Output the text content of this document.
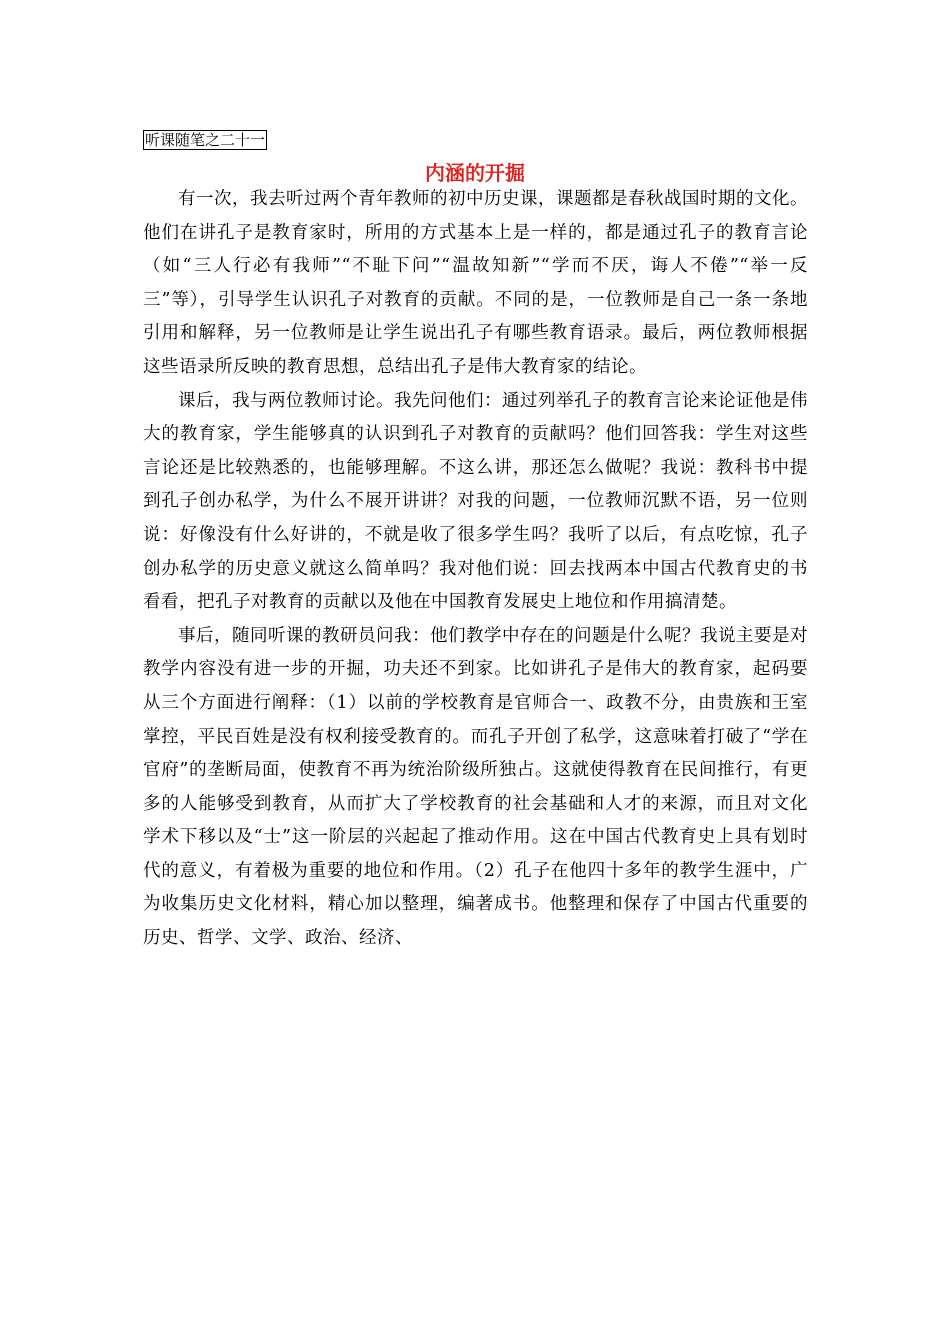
听课随笔之二十一
内涵的开掘

有一次，我去听过两个青年教师的初中历史课，课题都是春秋战国时期的文化。他们在讲孔子是教育家时，所用的方式基本上是一样的，都是通过孔子的教育言论（如“三人行必有我师”“不耻下问”“温故知新”“学而不厌，诲人不倦”“举一反三”等），引导学生认识孔子对教育的贡献。不同的是，一位教师是自己一条一条地引用和解释，另一位教师是让学生说出孔子有哪些教育语录。最后，两位教师根据这些语录所反映的教育思想，总结出孔子是伟大教育家的结论。

课后，我与两位教师讨论。我先问他们：通过列举孔子的教育言论来论证他是伟大的教育家，学生能够真的认识到孔子对教育的贡献吗？他们回答我：学生对这些言论还是比较熟悉的，也能够理解。不这么讲，那还怎么做呢？我说：教科书中提到孔子创办私学，为什么不展开讲讲？对我的问题，一位教师沉默不语，另一位则说：好像没有什么好讲的，不就是收了很多学生吗？我听了以后，有点吃惊，孔子创办私学的历史意义就这么简单吗？我对他们说：回去找两本中国古代教育史的书看看，把孔子对教育的贡献以及他在中国教育发展史上地位和作用搞清楚。

事后，随同听课的教研员问我：他们教学中存在的问题是什么呢？我说主要是对教学内容没有进一步的开掘，功夫还不到家。比如讲孔子是伟大的教育家，起码要从三个方面进行阐释：（1）以前的学校教育是官师合一、政教不分，由贵族和王室掌控，平民百姓是没有权利接受教育的。而孔子开创了私学，这意味着打破了“学在官府”的垄断局面，使教育不再为统治阶级所独占。这就使得教育在民间推行，有更多的人能够受到教育，从而扩大了学校教育的社会基础和人才的来源，而且对文化学术下移以及“士”这一阶层的兴起起了推动作用。这在中国古代教育史上具有划时代的意义，有着极为重要的地位和作用。（2）孔子在他四十多年的教学生涯中，广为收集历史文化材料，精心加以整理，编著成书。他整理和保存了中国古代重要的历史、哲学、文学、政治、经济、
